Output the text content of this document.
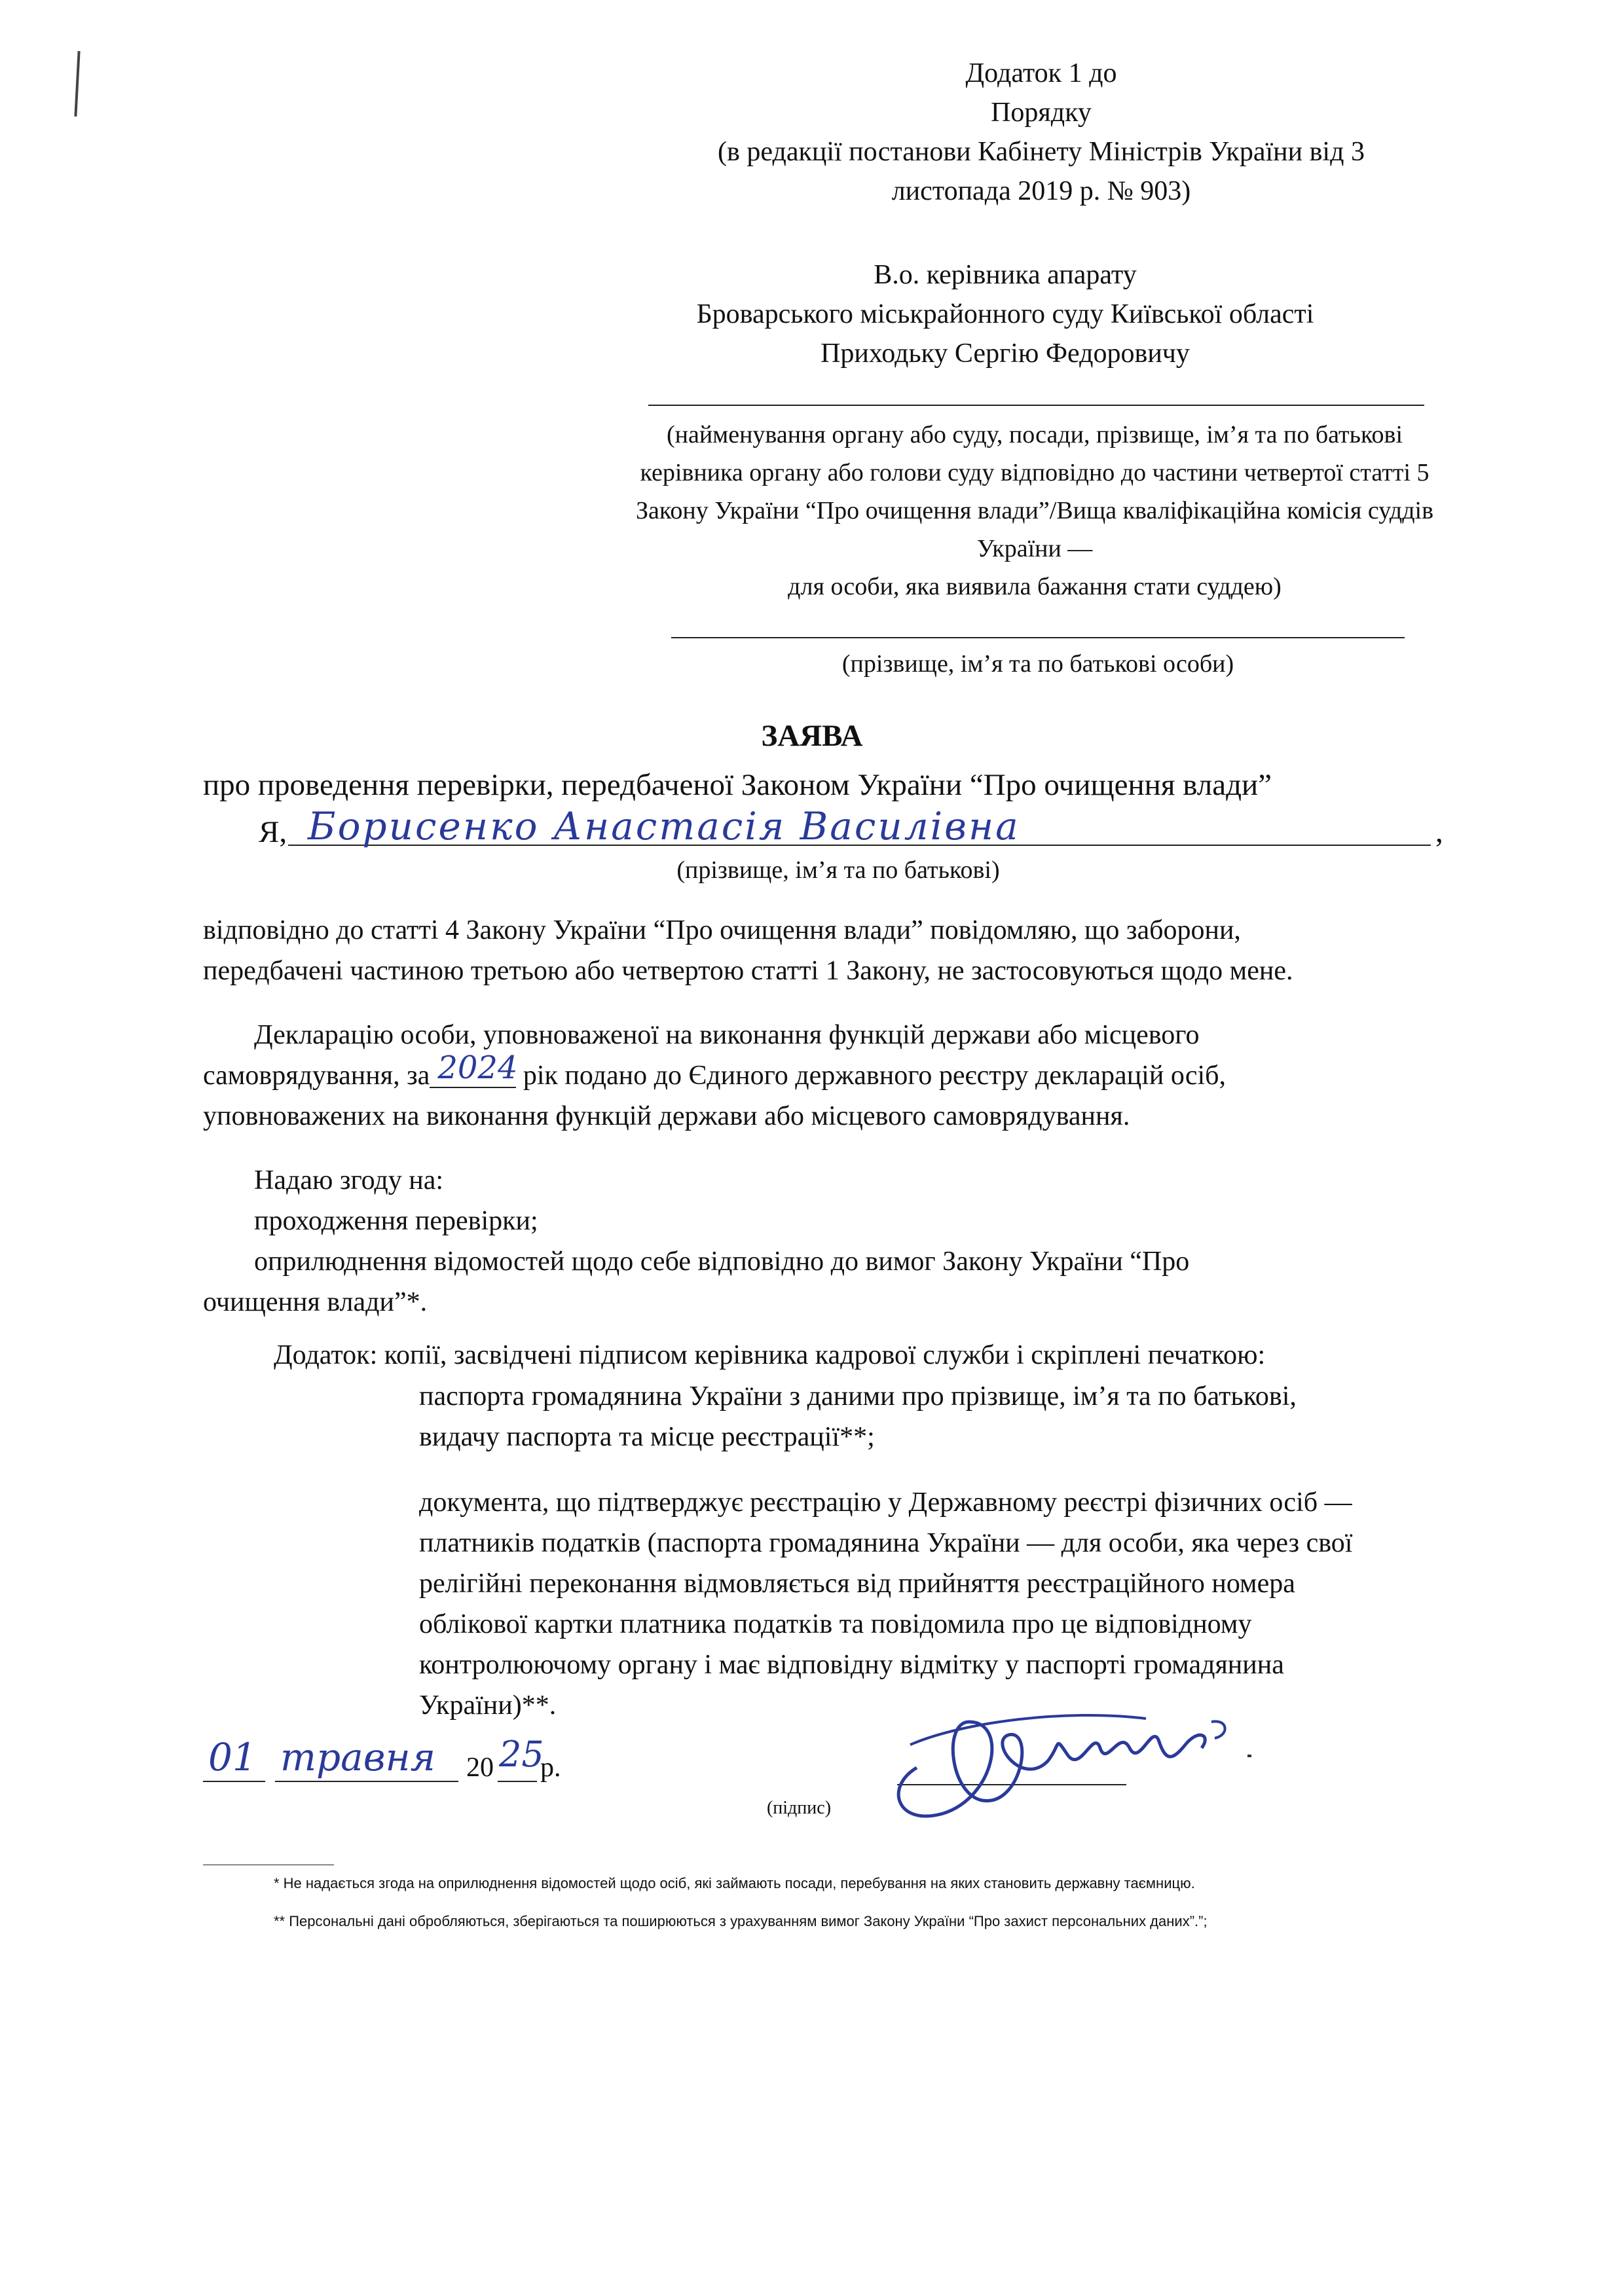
Додаток 1 до
Порядку
(в редакції постанови Кабінету Міністрів України від 3
листопада 2019 р. № 903)
В.о. керівника апарату
Броварського міськрайонного суду Київської області
Приходьку Сергію Федоровичу
(найменування органу або суду, посади, прізвище, ім’я та по батькові
керівника органу або голови суду відповідно до частини четвертої статті 5
Закону України “Про очищення влади”/Вища кваліфікаційна комісія суддів
України —
для особи, яка виявила бажання стати суддею)
(прізвище, ім’я та по батькові особи)
ЗАЯВА
про проведення перевірки, передбаченої Законом України “Про очищення влади”
Я, Борисенко Анастасія Василівна	,
(прізвище, ім’я та по батькові)
відповідно до статті 4 Закону України “Про очищення влади” повідомляю, що заборони,
передбачені частиною третьою або четвертою статті 1 Закону, не застосовуються щодо мене.
Декларацію особи, уповноваженої на виконання функцій держави або місцевого
самоврядування, за 2024 рік подано до Єдиного державного реєстру декларацій осіб,
уповноважених на виконання функцій держави або місцевого самоврядування.
Надаю згоду на:
проходження перевірки;
оприлюднення відомостей щодо себе відповідно до вимог Закону України “Про
очищення влади”*.
Додаток: копії, засвідчені підписом керівника кадрової служби і скріплені печаткою:
паспорта громадянина України з даними про прізвище, ім’я та по батькові,
видачу паспорта та місце реєстрації**;
документа, що підтверджує реєстрацію у Державному реєстрі фізичних осіб —
платників податків (паспорта громадянина України — для особи, яка через свої
релігійні переконання відмовляється від прийняття реєстраційного номера
облікової картки платника податків та повідомила про це відповідному
контролюючому органу і має відповідну відмітку у паспорті громадянина
України)**.
01 травня 20 25
р.
(підпис)
* Не надається згода на оприлюднення відомостей щодо осіб, які займають посади, перебування на яких становить державну таємницю.
** Персональні дані обробляються, зберігаються та поширюються з урахуванням вимог Закону України “Про захист персональних даних”.”;
